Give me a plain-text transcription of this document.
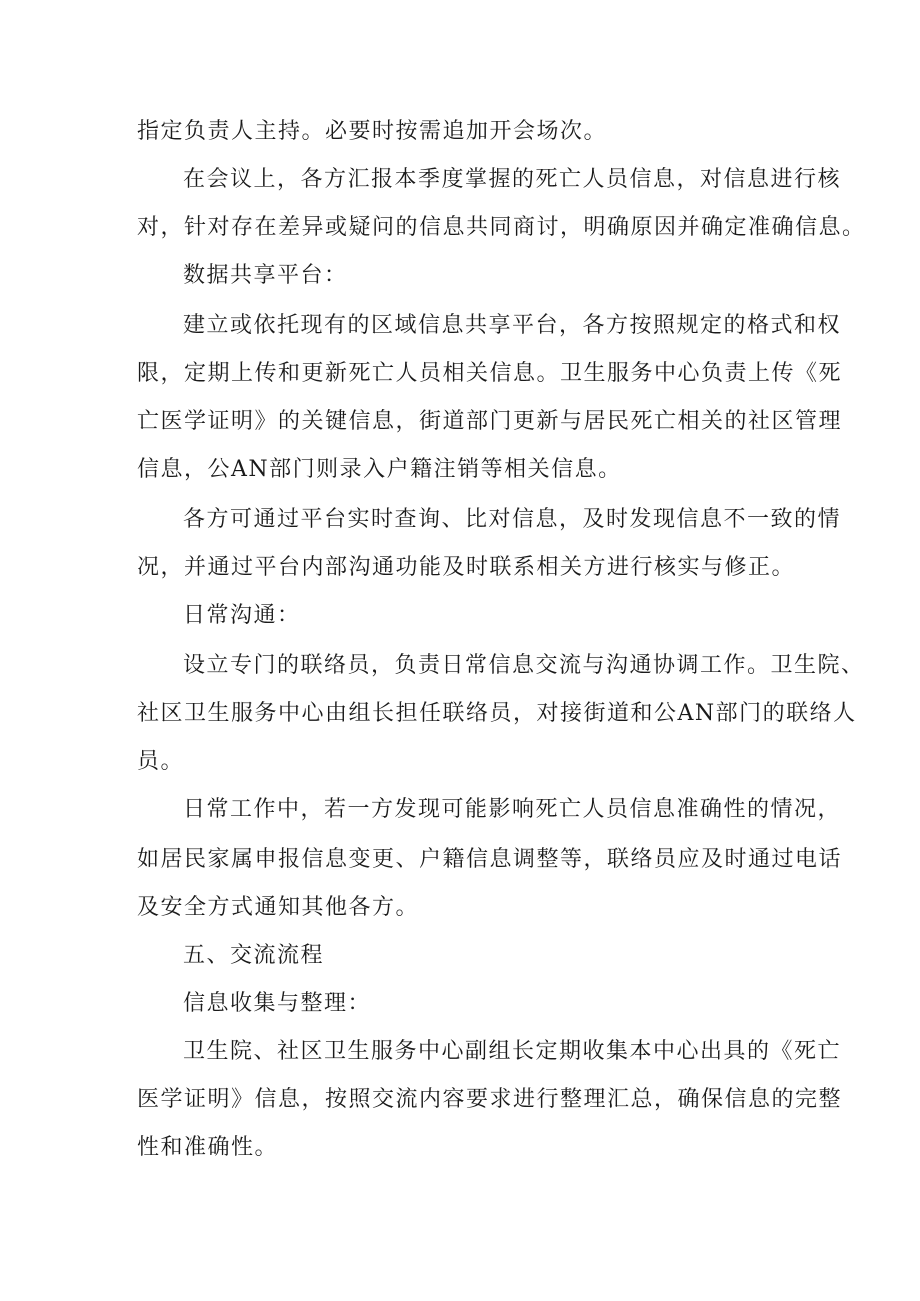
指定负责人主持。必要时按需追加开会场次。
在会议上，各方汇报本季度掌握的死亡人员信息，对信息进行核
对，针对存在差异或疑问的信息共同商讨，明确原因并确定准确信息。
数据共享平台：
建立或依托现有的区域信息共享平台，各方按照规定的格式和权
限，定期上传和更新死亡人员相关信息。卫生服务中心负责上传《死
亡医学证明》的关键信息，街道部门更新与居民死亡相关的社区管理
信息，公AN部门则录入户籍注销等相关信息。
各方可通过平台实时查询、比对信息，及时发现信息不一致的情
况，并通过平台内部沟通功能及时联系相关方进行核实与修正。
日常沟通：
设立专门的联络员，负责日常信息交流与沟通协调工作。卫生院、
社区卫生服务中心由组长担任联络员，对接街道和公AN部门的联络人
员。
日常工作中，若一方发现可能影响死亡人员信息准确性的情况，
如居民家属申报信息变更、户籍信息调整等，联络员应及时通过电话
及安全方式通知其他各方。
五、交流流程
信息收集与整理：
卫生院、社区卫生服务中心副组长定期收集本中心出具的《死亡
医学证明》信息，按照交流内容要求进行整理汇总，确保信息的完整
性和准确性。
